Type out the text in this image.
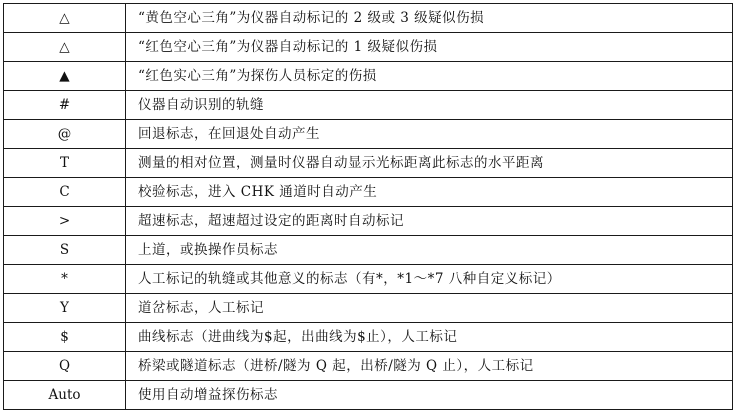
△	“黄色空心三角”为仪器自动标记的 2 级或 3 级疑似伤损
△	“红色空心三角”为仪器自动标记的 1 级疑似伤损
▲	“红色实心三角”为探伤人员标定的伤损
#	仪器自动识别的轨缝
@	回退标志，在回退处自动产生
T	测量的相对位置，测量时仪器自动显示光标距离此标志的水平距离
C	校验标志，进入 CHK 通道时自动产生
>	超速标志，超速超过设定的距离时自动标记
S	上道，或换操作员标志
*	人工标记的轨缝或其他意义的标志（有*，*1～*7 八种自定义标记）
Y	道岔标志，人工标记
$	曲线标志（进曲线为$起，出曲线为$止），人工标记
Q	桥梁或隧道标志（进桥/隧为 Q 起，出桥/隧为 Q 止），人工标记
Auto	使用自动增益探伤标志
